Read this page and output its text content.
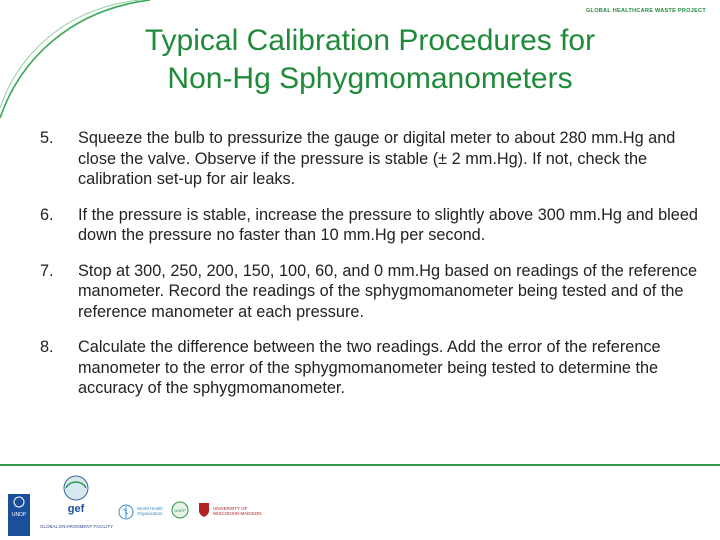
GLOBAL HEALTHCARE WASTE PROJECT
Typical Calibration Procedures for
Non-Hg Sphygmomanometers
5.	Squeeze the bulb to pressurize the gauge or digital meter to about 280 mm.Hg and close the valve. Observe if the pressure is stable (± 2 mm.Hg). If not, check the calibration set-up for air leaks.
6.	If the pressure is stable, increase the pressure to slightly above 300 mm.Hg and bleed down the pressure no faster than 10 mm.Hg per second.
7.	Stop at 300, 250, 200, 150, 100, 60, and 0 mm.Hg based on readings of the reference manometer. Record the readings of the sphygmomanometer being tested and of the reference manometer at each pressure.
8.	Calculate the difference between the two readings. Add the error of the reference manometer to the error of the sphygmomanometer being tested to determine the accuracy of the sphygmomanometer.
UNDP	gef
GLOBAL ENVIRONMENT FACILITY
World Health
Organization
UNEP	UNIVERSITY OF
WISCONSIN-MADISON
